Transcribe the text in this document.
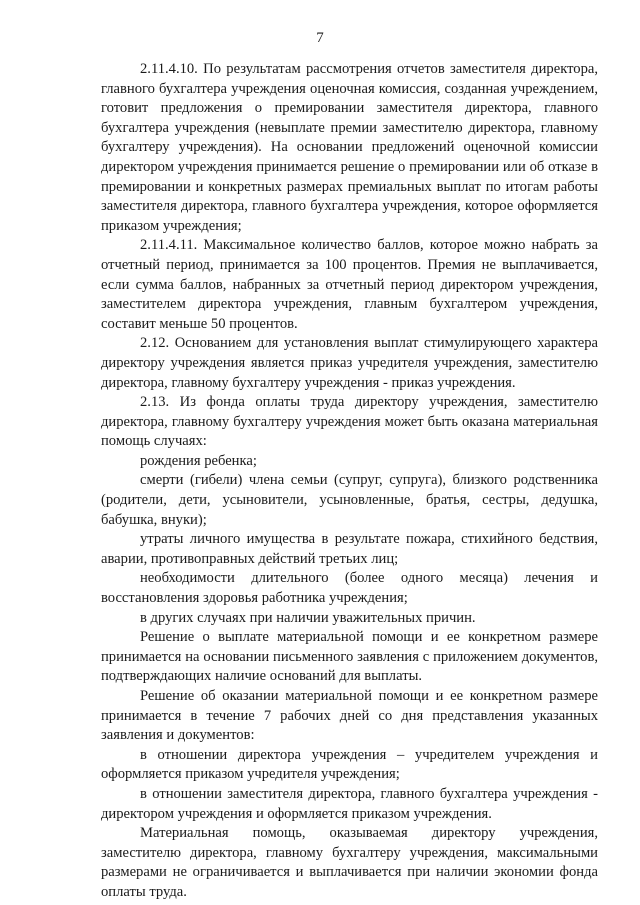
7

2.11.4.10. По результатам рассмотрения отчетов заместителя директора, главного бухгалтера учреждения оценочная комиссия, созданная учреждением, готовит предложения о премировании заместителя директора, главного бухгалтера учреждения (невыплате премии заместителю директора, главному бухгалтеру учреждения). На основании предложений оценочной комиссии директором учреждения принимается решение о премировании или об отказе в премировании и конкретных размерах премиальных выплат по итогам работы заместителя директора, главного бухгалтера учреждения, которое оформляется приказом учреждения;

2.11.4.11. Максимальное количество баллов, которое можно набрать за отчетный период, принимается за 100 процентов. Премия не выплачивается, если сумма баллов, набранных за отчетный период директором учреждения, заместителем директора учреждения, главным бухгалтером учреждения, составит меньше 50 процентов.

2.12. Основанием для установления выплат стимулирующего характера директору учреждения является приказ учредителя учреждения, заместителю директора, главному бухгалтеру учреждения - приказ учреждения.

2.13. Из фонда оплаты труда директору учреждения, заместителю директора, главному бухгалтеру учреждения может быть оказана материальная помощь случаях:

рождения ребенка;

смерти (гибели) члена семьи (супруг, супруга), близкого родственника (родители, дети, усыновители, усыновленные, братья, сестры, дедушка, бабушка, внуки);

утраты личного имущества в результате пожара, стихийного бедствия, аварии, противоправных действий третьих лиц;

необходимости длительного (более одного месяца) лечения и восстановления здоровья работника учреждения;

в других случаях при наличии уважительных причин.

Решение о выплате материальной помощи и ее конкретном размере принимается на основании письменного заявления с приложением документов, подтверждающих наличие оснований для выплаты.

Решение об оказании материальной помощи и ее конкретном размере принимается в течение 7 рабочих дней со дня представления указанных заявления и документов:

в отношении директора учреждения – учредителем учреждения и оформляется приказом учредителя учреждения;

в отношении заместителя директора, главного бухгалтера учреждения - директором учреждения и оформляется приказом учреждения.

Материальная помощь, оказываемая директору учреждения, заместителю директора, главному бухгалтеру учреждения, максимальными размерами не ограничивается и выплачивается при наличии экономии фонда оплаты труда.
